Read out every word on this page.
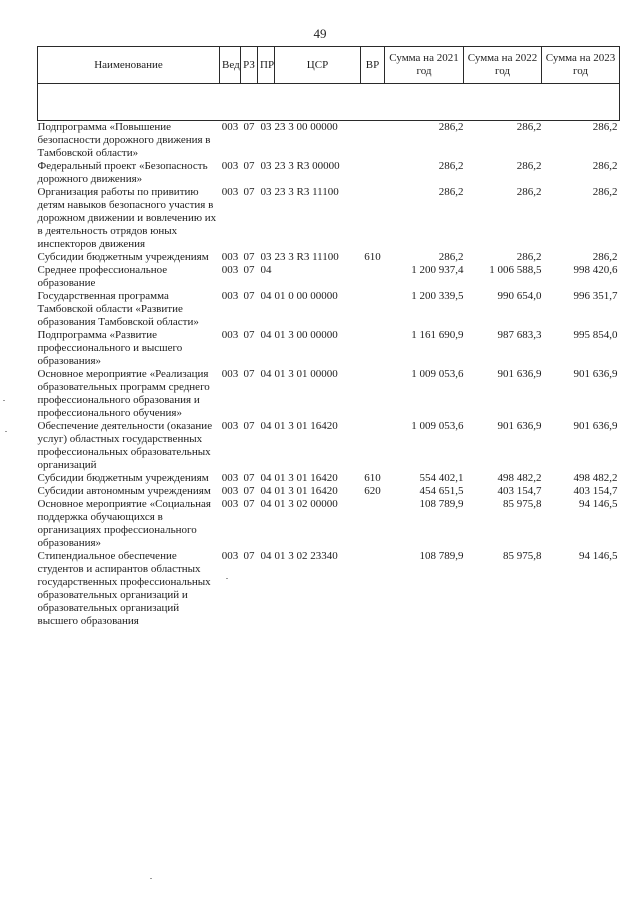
49
Наименование	Вед	РЗ	ПР	ЦСР	ВР	Сумма на 2021 год	Сумма на 2022 год	Сумма на 2023 год

Подпрограмма «Повышение безопасности дорожного движения в Тамбовской области»	003	07	03	23 3 00 00000		286,2	286,2	286,2
Федеральный проект «Безопасность дорожного движения»	003	07	03	23 3 R3 00000		286,2	286,2	286,2
Организация работы по привитию детям навыков безопасного участия в дорожном движении и вовлечению их в деятельность отрядов юных инспекторов движения	003	07	03	23 3 R3 11100		286,2	286,2	286,2
Субсидии бюджетным учреждениям	003	07	03	23 3 R3 11100	610	286,2	286,2	286,2
Среднее профессиональное образование	003	07	04			1 200 937,4	1 006 588,5	998 420,6
Государственная программа Тамбовской области «Развитие образования Тамбовской области»	003	07	04	01 0 00 00000		1 200 339,5	990 654,0	996 351,7
Подпрограмма «Развитие профессионального и высшего образования»	003	07	04	01 3 00 00000		1 161 690,9	987 683,3	995 854,0
Основное мероприятие «Реализация образовательных программ среднего профессионального образования и профессионального обучения»	003	07	04	01 3 01 00000		1 009 053,6	901 636,9	901 636,9
Обеспечение деятельности (оказание услуг) областных государственных профессиональных образовательных организаций	003	07	04	01 3 01 16420		1 009 053,6	901 636,9	901 636,9
Субсидии бюджетным учреждениям	003	07	04	01 3 01 16420	610	554 402,1	498 482,2	498 482,2
Субсидии автономным учреждениям	003	07	04	01 3 01 16420	620	454 651,5	403 154,7	403 154,7
Основное мероприятие «Социальная поддержка обучающихся в организациях профессионального образования»	003	07	04	01 3 02 00000		108 789,9	85 975,8	94 146,5
Стипендиальное обеспечение студентов и аспирантов областных государственных профессиональных образовательных организаций и образовательных организаций высшего образования	003	07	04	01 3 02 23340		108 789,9	85 975,8	94 146,5
